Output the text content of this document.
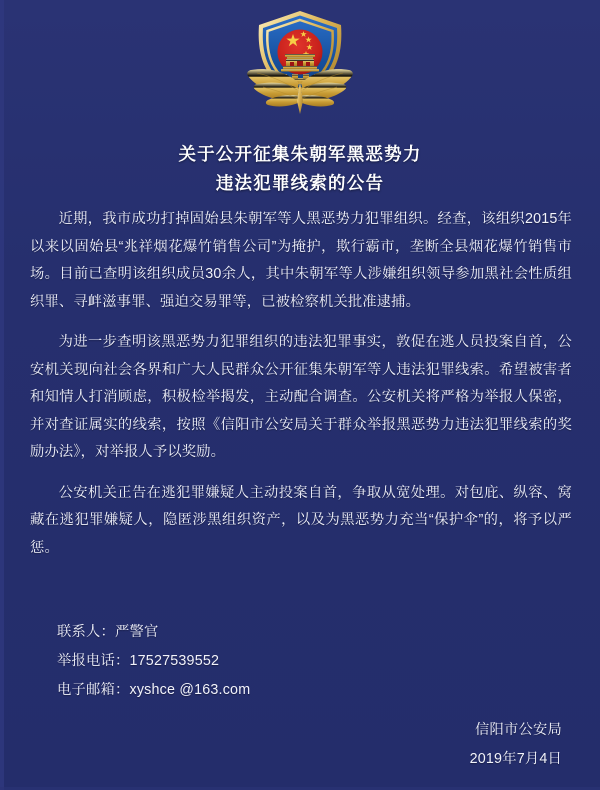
关于公开征集朱朝军黑恶势力
违法犯罪线索的公告

近期，我市成功打掉固始县朱朝军等人黑恶势力犯罪组织。经查，该组织2015年以来以固始县“兆祥烟花爆竹销售公司”为掩护，欺行霸市，垄断全县烟花爆竹销售市场。目前已查明该组织成员30余人，其中朱朝军等人涉嫌组织领导参加黑社会性质组织罪、寻衅滋事罪、强迫交易罪等，已被检察机关批准逮捕。

为进一步查明该黑恶势力犯罪组织的违法犯罪事实，敦促在逃人员投案自首，公安机关现向社会各界和广大人民群众公开征集朱朝军等人违法犯罪线索。希望被害者和知情人打消顾虑，积极检举揭发，主动配合调查。公安机关将严格为举报人保密，并对查证属实的线索，按照《信阳市公安局关于群众举报黑恶势力违法犯罪线索的奖励办法》，对举报人予以奖励。

公安机关正告在逃犯罪嫌疑人主动投案自首，争取从宽处理。对包庇、纵容、窝藏在逃犯罪嫌疑人，隐匿涉黑组织资产，以及为黑恶势力充当“保护伞”的，将予以严惩。

联系人：严警官
举报电话：17527539552
电子邮箱：xyshce @163.com
信阳市公安局
2019年7月4日
